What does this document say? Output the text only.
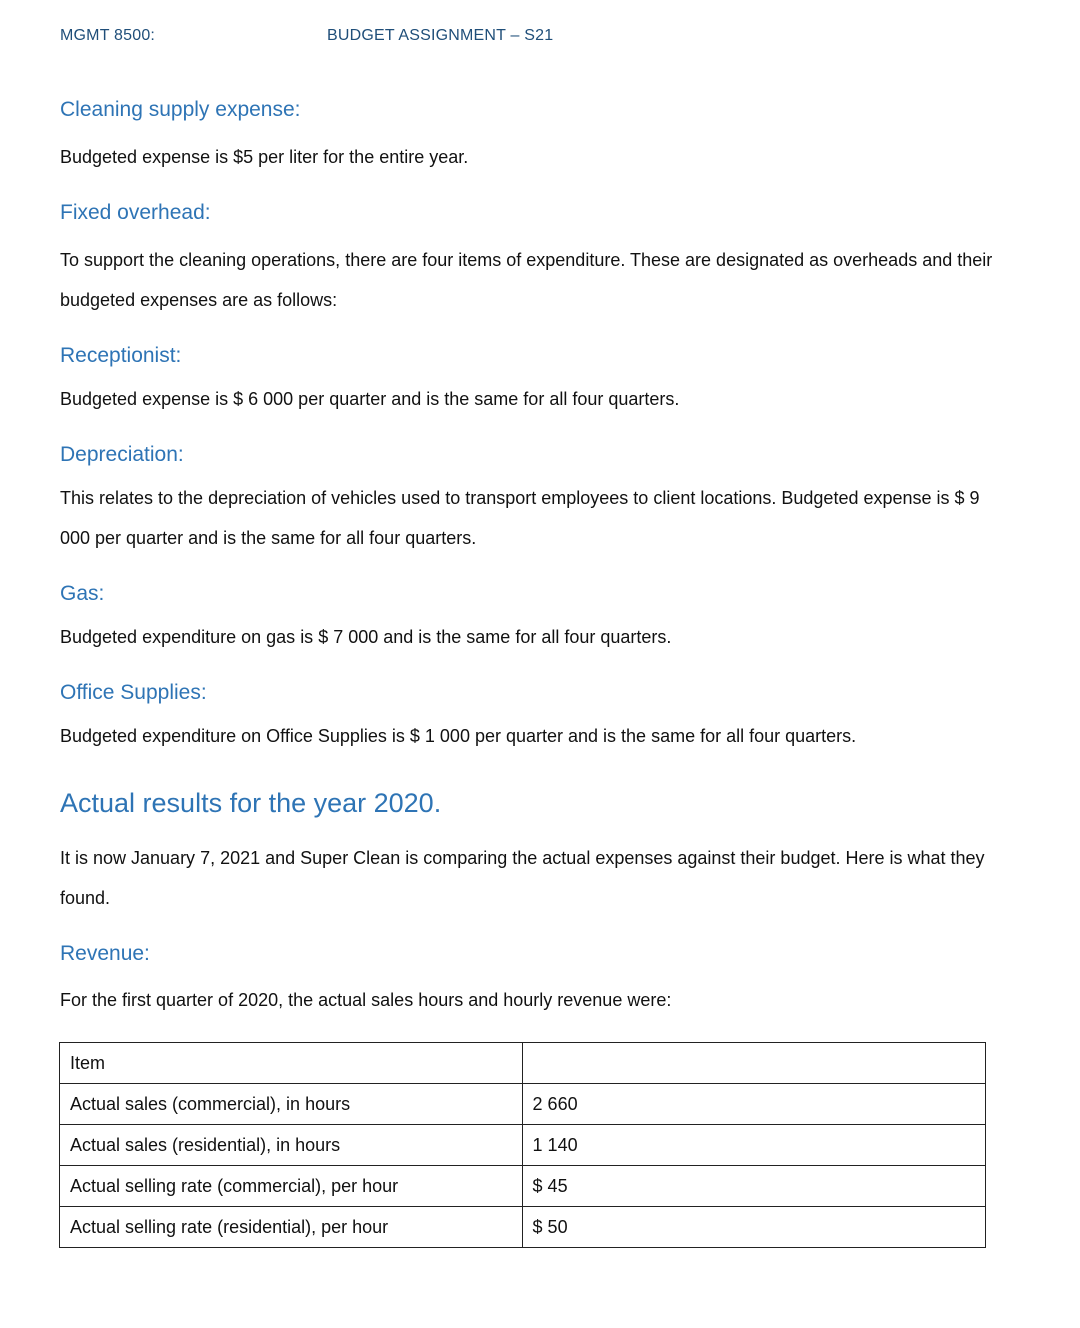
MGMT 8500:	BUDGET ASSIGNMENT – S21
Cleaning supply expense:

Budgeted expense is $5 per liter for the entire year.

Fixed overhead:

To support the cleaning operations, there are four items of expenditure. These are designated as overheads and their budgeted expenses are as follows:

Receptionist:

Budgeted expense is $ 6 000 per quarter and is the same for all four quarters.

Depreciation:

This relates to the depreciation of vehicles used to transport employees to client locations. Budgeted expense is $ 9 000 per quarter and is the same for all four quarters.

Gas:

Budgeted expenditure on gas is $ 7 000 and is the same for all four quarters.

Office Supplies:

Budgeted expenditure on Office Supplies is $ 1 000 per quarter and is the same for all four quarters.

Actual results for the year 2020.

It is now January 7, 2021 and Super Clean is comparing the actual expenses against their budget. Here is what they found.

Revenue:

For the first quarter of 2020, the actual sales hours and hourly revenue were:

Item	
Actual sales (commercial), in hours	2 660
Actual sales (residential), in hours	1 140
Actual selling rate (commercial), per hour	$ 45
Actual selling rate (residential), per hour	$ 50
